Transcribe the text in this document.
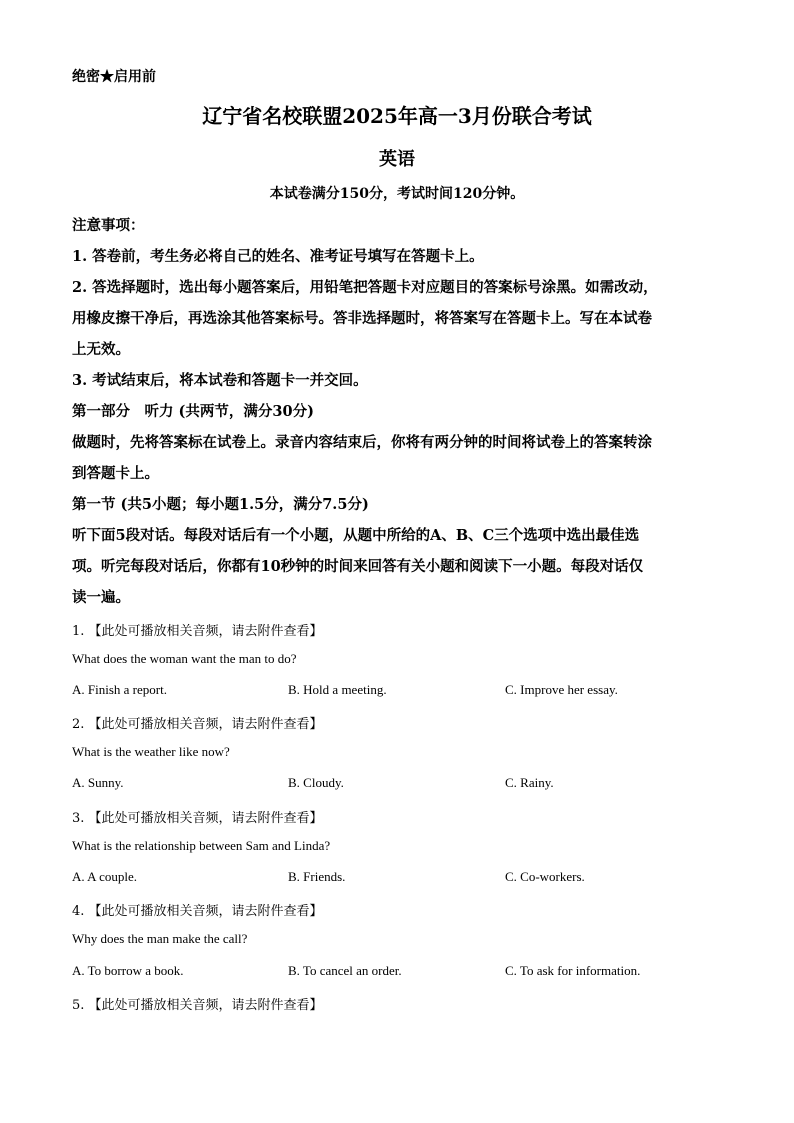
绝密★启用前
辽宁省名校联盟2025年高一3月份联合考试
英语
本试卷满分150分，考试时间120分钟。
注意事项：
1. 答卷前，考生务必将自己的姓名、准考证号填写在答题卡上。
2. 答选择题时，选出每小题答案后，用铅笔把答题卡对应题目的答案标号涂黑。如需改动，
用橡皮擦干净后，再选涂其他答案标号。答非选择题时，将答案写在答题卡上。写在本试卷
上无效。
3. 考试结束后，将本试卷和答题卡一并交回。
第一部分　听力 (共两节，满分30分)
做题时，先将答案标在试卷上。录音内容结束后，你将有两分钟的时间将试卷上的答案转涂
到答题卡上。
第一节 (共5小题；每小题1.5分，满分7.5分)
听下面5段对话。每段对话后有一个小题，从题中所给的A、B、C三个选项中选出最佳选
项。听完每段对话后，你都有10秒钟的时间来回答有关小题和阅读下一小题。每段对话仅
读一遍。
1. 【此处可播放相关音频，请去附件查看】
What does the woman want the man to do?
A. Finish a report.	B. Hold a meeting.	C. Improve her essay.
2. 【此处可播放相关音频，请去附件查看】
What is the weather like now?
A. Sunny.	B. Cloudy.	C. Rainy.
3. 【此处可播放相关音频，请去附件查看】
What is the relationship between Sam and Linda?
A. A couple.	B. Friends.	C. Co-workers.
4. 【此处可播放相关音频，请去附件查看】
Why does the man make the call?
A. To borrow a book.	B. To cancel an order.	C. To ask for information.
5. 【此处可播放相关音频，请去附件查看】
